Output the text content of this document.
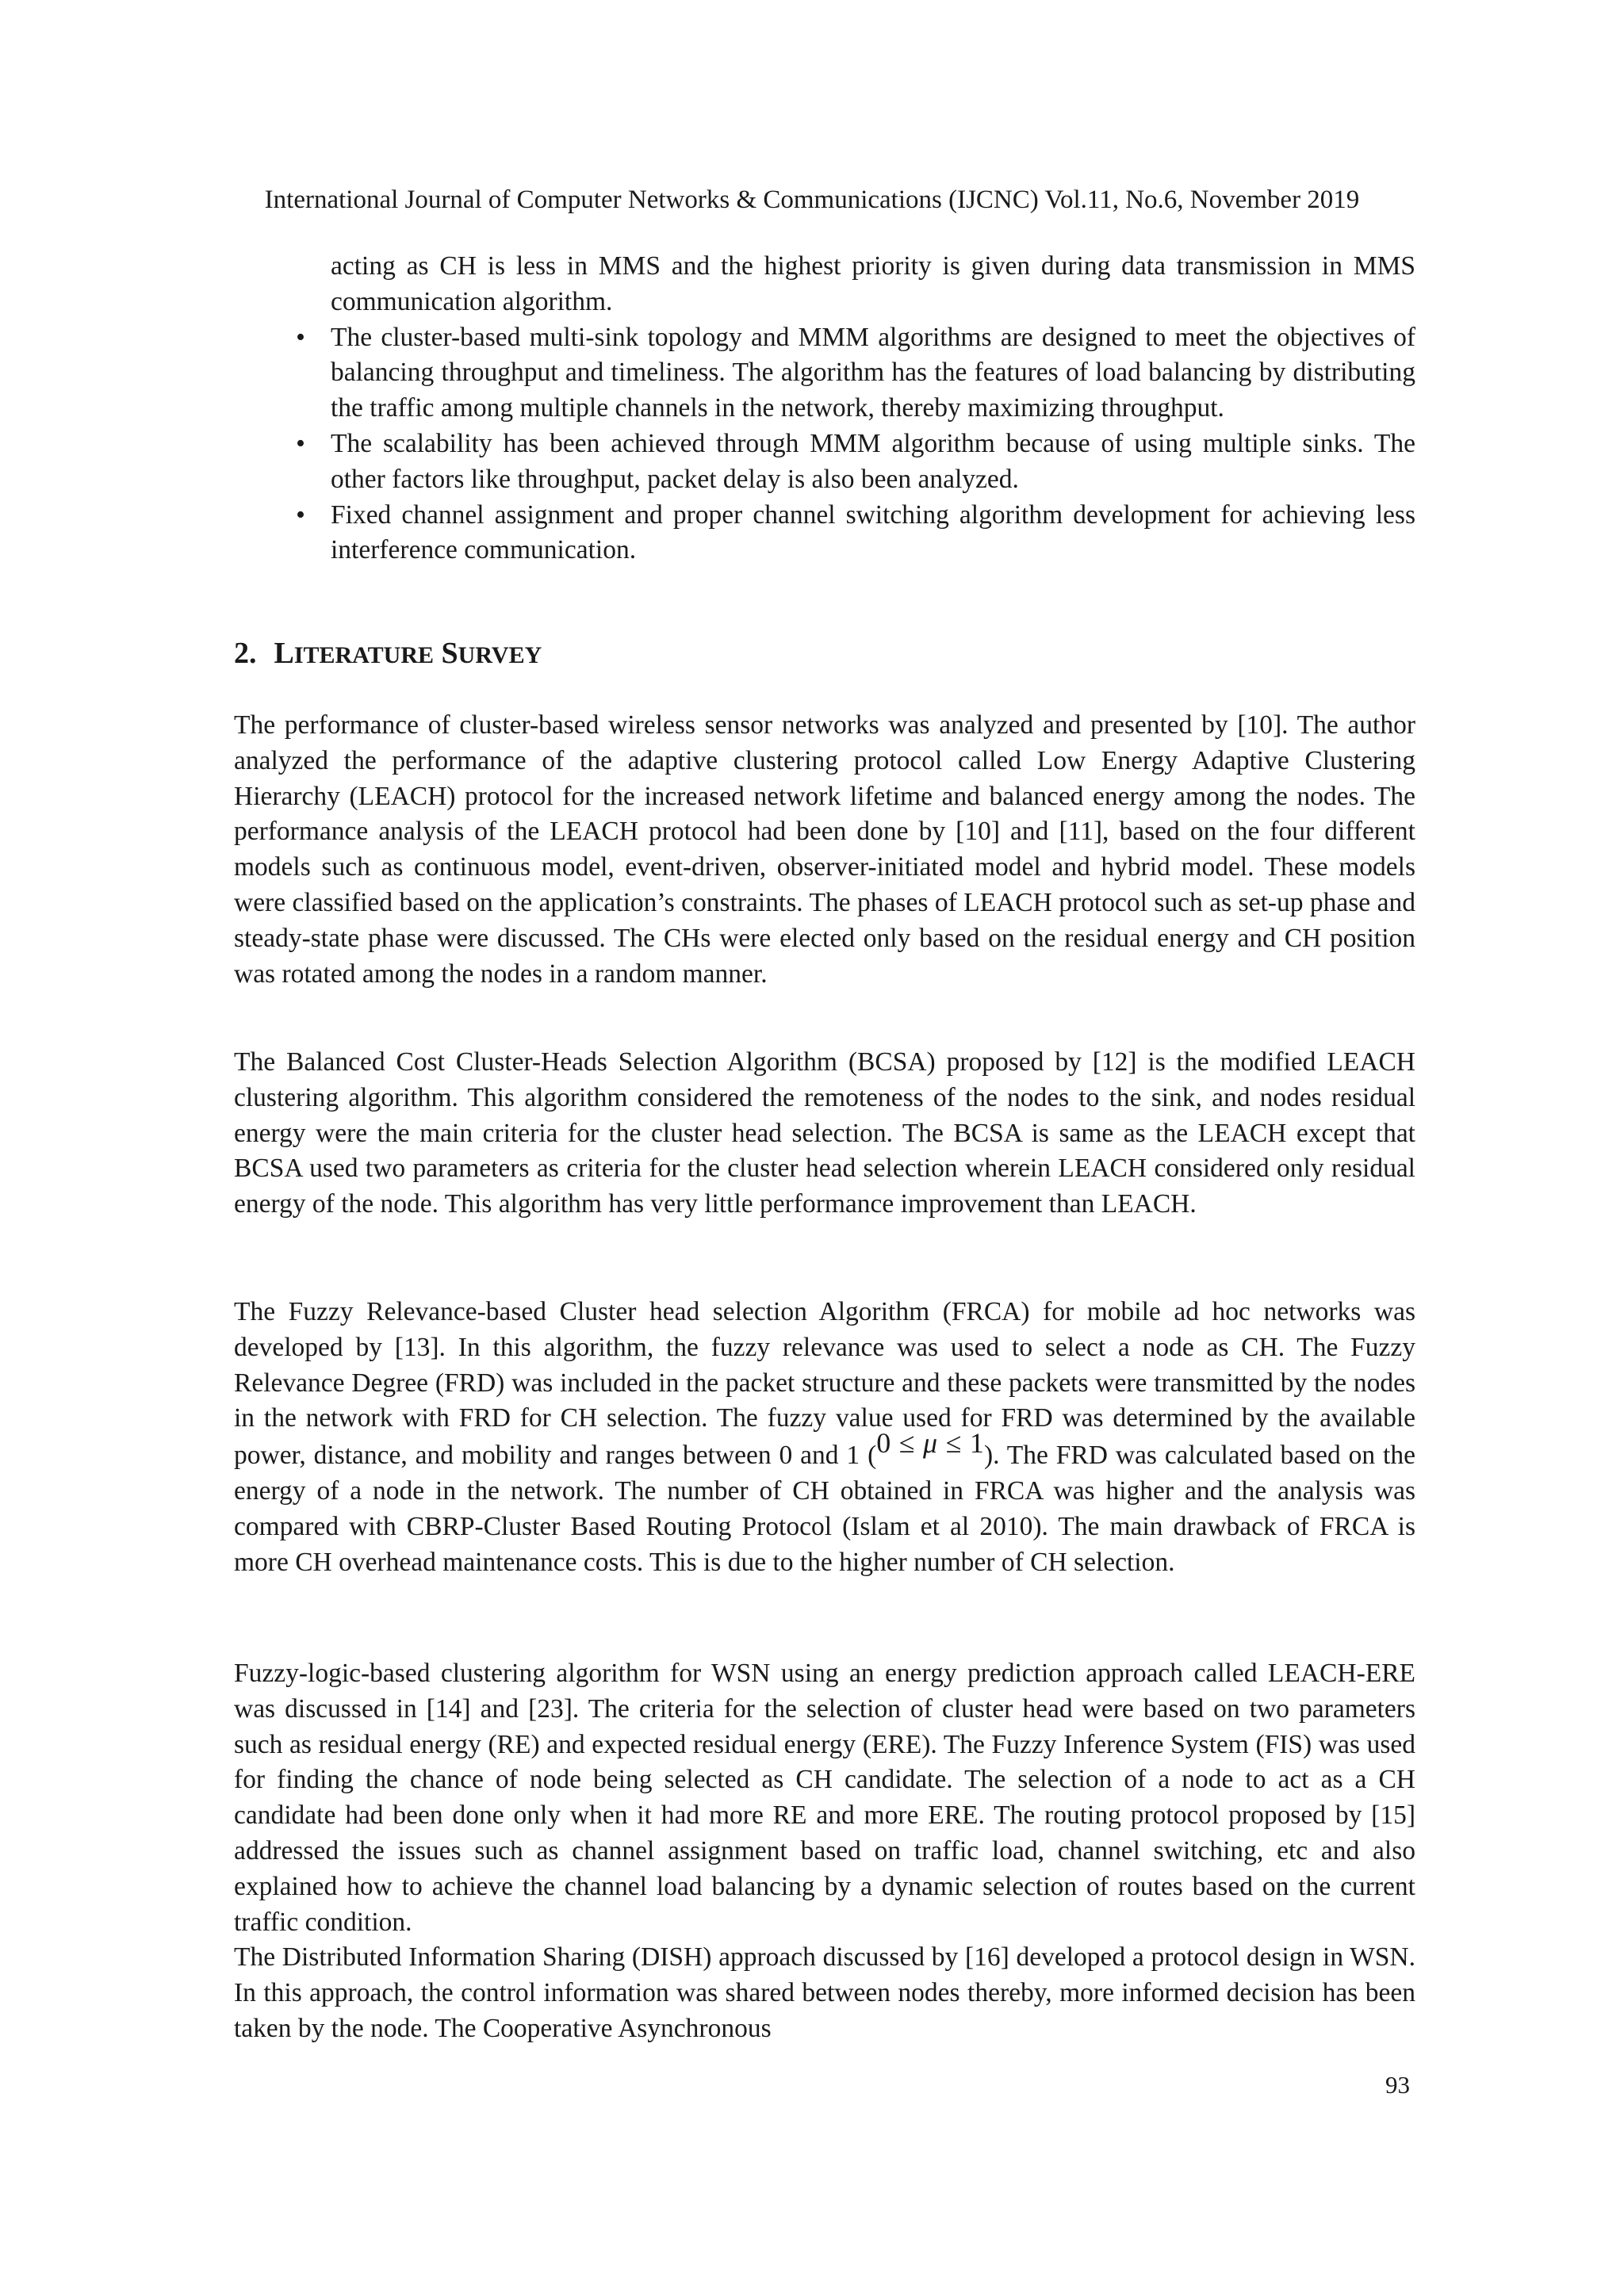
International Journal of Computer Networks & Communications (IJCNC) Vol.11, No.6, November 2019
acting as CH is less in MMS and the highest priority is given during data transmission in MMS communication algorithm.
• The cluster-based multi-sink topology and MMM algorithms are designed to meet the objectives of balancing throughput and timeliness. The algorithm has the features of load balancing by distributing the traffic among multiple channels in the network, thereby maximizing throughput.
• The scalability has been achieved through MMM algorithm because of using multiple sinks. The other factors like throughput, packet delay is also been analyzed.
• Fixed channel assignment and proper channel switching algorithm development for achieving less interference communication.
2. LITERATURE SURVEY
The performance of cluster-based wireless sensor networks was analyzed and presented by [10]. The author analyzed the performance of the adaptive clustering protocol called Low Energy Adaptive Clustering Hierarchy (LEACH) protocol for the increased network lifetime and balanced energy among the nodes. The performance analysis of the LEACH protocol had been done by [10] and [11], based on the four different models such as continuous model, event-driven, observer-initiated model and hybrid model. These models were classified based on the application’s constraints. The phases of LEACH protocol such as set-up phase and steady-state phase were discussed. The CHs were elected only based on the residual energy and CH position was rotated among the nodes in a random manner.
The Balanced Cost Cluster-Heads Selection Algorithm (BCSA) proposed by [12] is the modified LEACH clustering algorithm. This algorithm considered the remoteness of the nodes to the sink, and nodes residual energy were the main criteria for the cluster head selection. The BCSA is same as the LEACH except that BCSA used two parameters as criteria for the cluster head selection wherein LEACH considered only residual energy of the node. This algorithm has very little performance improvement than LEACH.
The Fuzzy Relevance-based Cluster head selection Algorithm (FRCA) for mobile ad hoc networks was developed by [13]. In this algorithm, the fuzzy relevance was used to select a node as CH. The Fuzzy Relevance Degree (FRD) was included in the packet structure and these packets were transmitted by the nodes in the network with FRD for CH selection. The fuzzy value used for FRD was determined by the available power, distance, and mobility and ranges between 0 and 1 (0 ≤ μ ≤ 1). The FRD was calculated based on the energy of a node in the network. The number of CH obtained in FRCA was higher and the analysis was compared with CBRP-Cluster Based Routing Protocol (Islam et al 2010). The main drawback of FRCA is more CH overhead maintenance costs. This is due to the higher number of CH selection.
Fuzzy-logic-based clustering algorithm for WSN using an energy prediction approach called LEACH-ERE was discussed in [14] and [23]. The criteria for the selection of cluster head were based on two parameters such as residual energy (RE) and expected residual energy (ERE). The Fuzzy Inference System (FIS) was used for finding the chance of node being selected as CH candidate. The selection of a node to act as a CH candidate had been done only when it had more RE and more ERE. The routing protocol proposed by [15] addressed the issues such as channel assignment based on traffic load, channel switching, etc and also explained how to achieve the channel load balancing by a dynamic selection of routes based on the current traffic condition.
The Distributed Information Sharing (DISH) approach discussed by [16] developed a protocol design in WSN. In this approach, the control information was shared between nodes thereby, more informed decision has been taken by the node. The Cooperative Asynchronous
93
